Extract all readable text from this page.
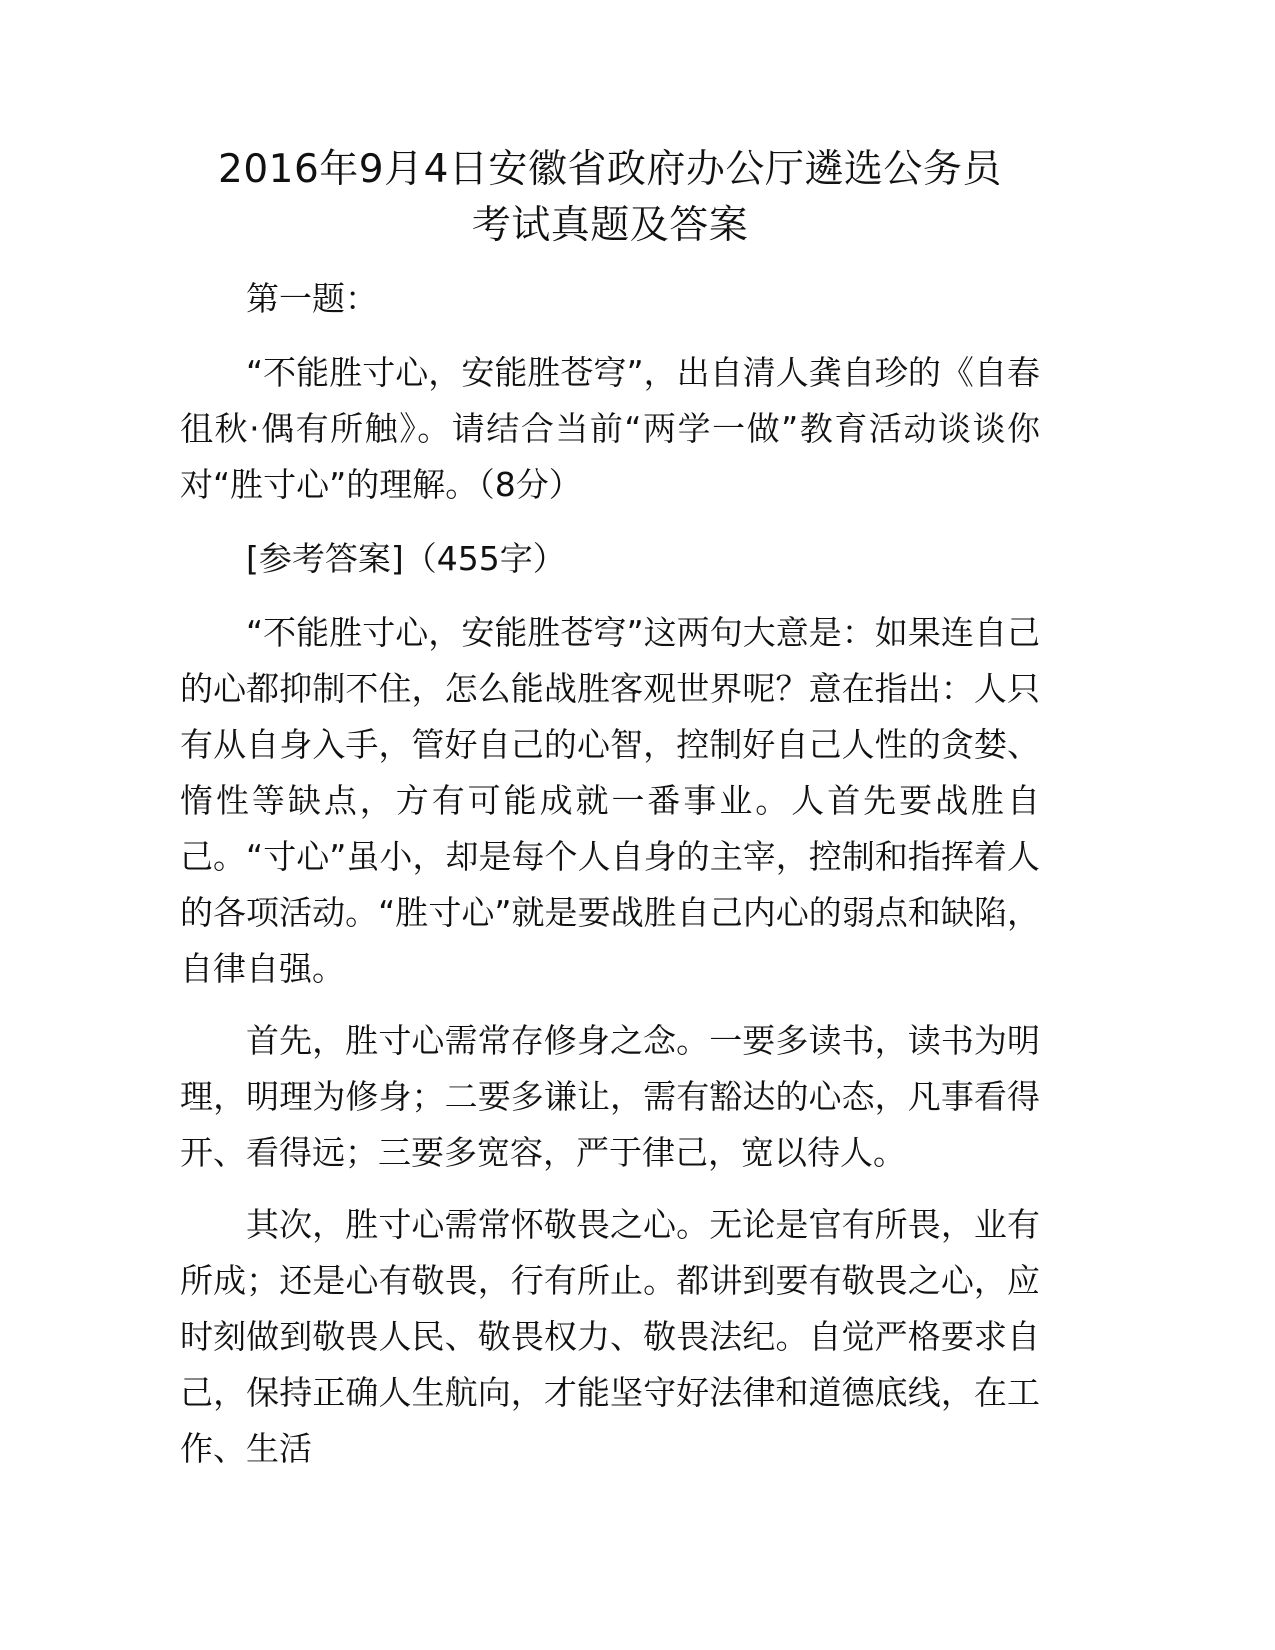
2016年9月4日安徽省政府办公厅遴选公务员
考试真题及答案

第一题：

“不能胜寸心，安能胜苍穹”，出自清人龚自珍的《自春徂秋·偶有所触》。请结合当前“两学一做”教育活动谈谈你对“胜寸心”的理解。（8分）

[参考答案]（455字）

“不能胜寸心，安能胜苍穹”这两句大意是：如果连自己的心都抑制不住，怎么能战胜客观世界呢？意在指出：人只有从自身入手，管好自己的心智，控制好自己人性的贪婪、惰性等缺点，方有可能成就一番事业。人首先要战胜自己。“寸心”虽小，却是每个人自身的主宰，控制和指挥着人的各项活动。“胜寸心”就是要战胜自己内心的弱点和缺陷，自律自强。

首先，胜寸心需常存修身之念。一要多读书，读书为明理，明理为修身；二要多谦让，需有豁达的心态，凡事看得开、看得远；三要多宽容，严于律己，宽以待人。

其次，胜寸心需常怀敬畏之心。无论是官有所畏，业有所成；还是心有敬畏，行有所止。都讲到要有敬畏之心，应时刻做到敬畏人民、敬畏权力、敬畏法纪。自觉严格要求自己，保持正确人生航向，才能坚守好法律和道德底线，在工作、生活
